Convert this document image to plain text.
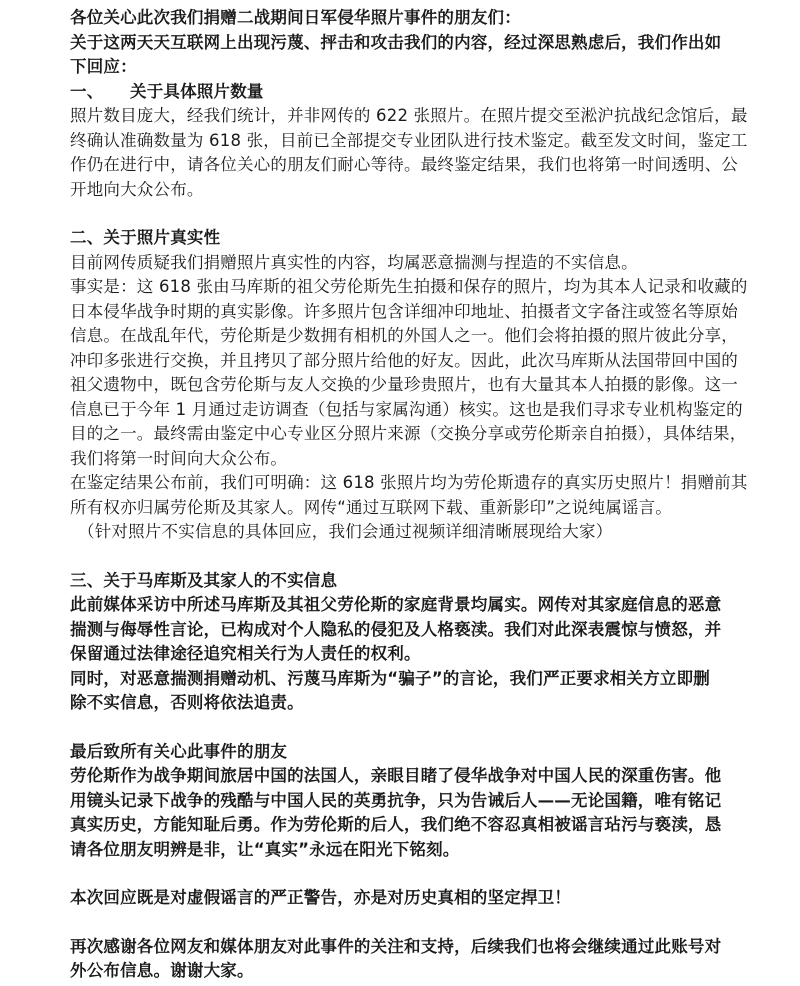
各位关心此次我们捐赠二战期间日军侵华照片事件的朋友们：
关于这两天天互联网上出现污蔑、抨击和攻击我们的内容，经过深思熟虑后，我们作出如
下回应：
一、 关于具体照片数量
照片数目庞大，经我们统计，并非网传的 622 张照片。在照片提交至淞沪抗战纪念馆后，最
终确认准确数量为 618 张，目前已全部提交专业团队进行技术鉴定。截至发文时间，鉴定工
作仍在进行中，请各位关心的朋友们耐心等待。最终鉴定结果，我们也将第一时间透明、公
开地向大众公布。
二、关于照片真实性
目前网传质疑我们捐赠照片真实性的内容，均属恶意揣测与捏造的不实信息。
事实是：这 618 张由马库斯的祖父劳伦斯先生拍摄和保存的照片，均为其本人记录和收藏的
日本侵华战争时期的真实影像。许多照片包含详细冲印地址、拍摄者文字备注或签名等原始
信息。在战乱年代，劳伦斯是少数拥有相机的外国人之一。他们会将拍摄的照片彼此分享，
冲印多张进行交换，并且拷贝了部分照片给他的好友。因此，此次马库斯从法国带回中国的
祖父遗物中，既包含劳伦斯与友人交换的少量珍贵照片，也有大量其本人拍摄的影像。这一
信息已于今年 1 月通过走访调查（包括与家属沟通）核实。这也是我们寻求专业机构鉴定的
目的之一。最终需由鉴定中心专业区分照片来源（交换分享或劳伦斯亲自拍摄），具体结果，
我们将第一时间向大众公布。
在鉴定结果公布前，我们可明确：这 618 张照片均为劳伦斯遗存的真实历史照片！捐赠前其
所有权亦归属劳伦斯及其家人。网传“通过互联网下载、重新影印”之说纯属谣言。
（针对照片不实信息的具体回应，我们会通过视频详细清晰展现给大家）
三、关于马库斯及其家人的不实信息
此前媒体采访中所述马库斯及其祖父劳伦斯的家庭背景均属实。网传对其家庭信息的恶意
揣测与侮辱性言论，已构成对个人隐私的侵犯及人格亵渎。我们对此深表震惊与愤怒，并
保留通过法律途径追究相关行为人责任的权利。
同时，对恶意揣测捐赠动机、污蔑马库斯为“骗子”的言论，我们严正要求相关方立即删
除不实信息，否则将依法追责。
最后致所有关心此事件的朋友
劳伦斯作为战争期间旅居中国的法国人，亲眼目睹了侵华战争对中国人民的深重伤害。他
用镜头记录下战争的残酷与中国人民的英勇抗争，只为告诫后人——无论国籍，唯有铭记
真实历史，方能知耻后勇。作为劳伦斯的后人，我们绝不容忍真相被谣言玷污与亵渎，恳
请各位朋友明辨是非，让“真实”永远在阳光下铭刻。
本次回应既是对虚假谣言的严正警告，亦是对历史真相的坚定捍卫！
再次感谢各位网友和媒体朋友对此事件的关注和支持，后续我们也将会继续通过此账号对
外公布信息。谢谢大家。
